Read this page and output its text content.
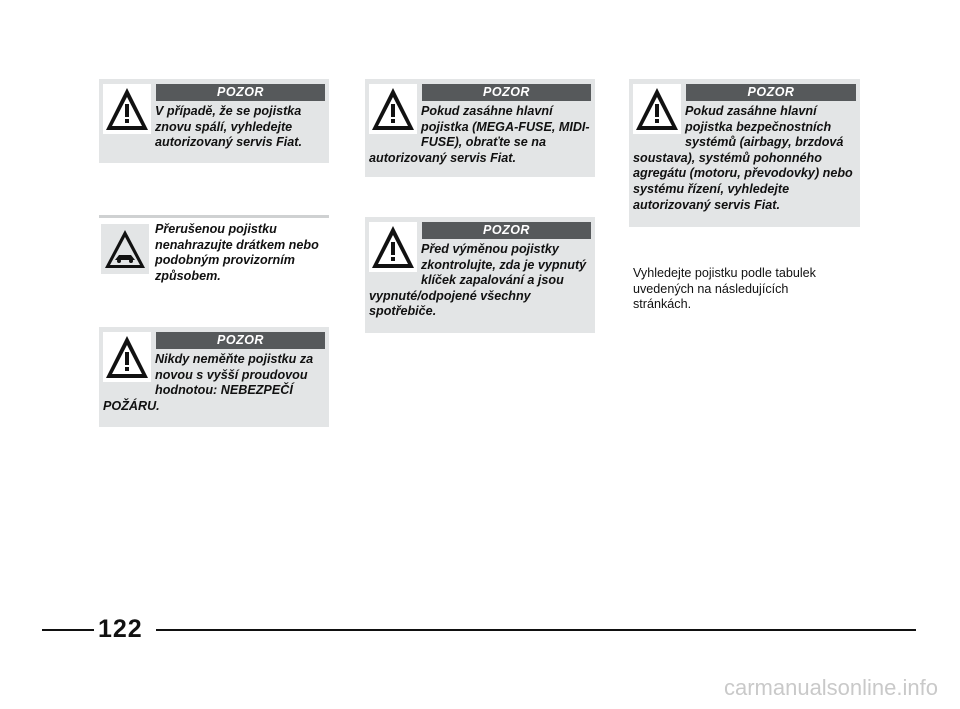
POZOR

V případě, že se pojistka znovu spálí, vyhledejte autorizovaný servis Fiat.

Přerušenou pojistku nenahrazujte drátkem nebo podobným provizorním způsobem.

POZOR

Nikdy neměňte pojistku za novou s vyšší proudovou hodnotou: NEBEZPEČÍ POŽÁRU.

POZOR

Pokud zasáhne hlavní pojistka (MEGA-FUSE, MIDI-FUSE), obraťte se na autorizovaný servis Fiat.

POZOR

Před výměnou pojistky zkontrolujte, zda je vypnutý klíček zapalování a jsou vypnuté/odpojené všechny spotřebiče.

POZOR

Pokud zasáhne hlavní pojistka bezpečnostních systémů (airbagy, brzdová soustava), systémů pohonného agregátu (motoru, převodovky) nebo systému řízení, vyhledejte autorizovaný servis Fiat.

Vyhledejte pojistku podle tabulek uvedených na následujících stránkách.

122
carmanualsonline.info
